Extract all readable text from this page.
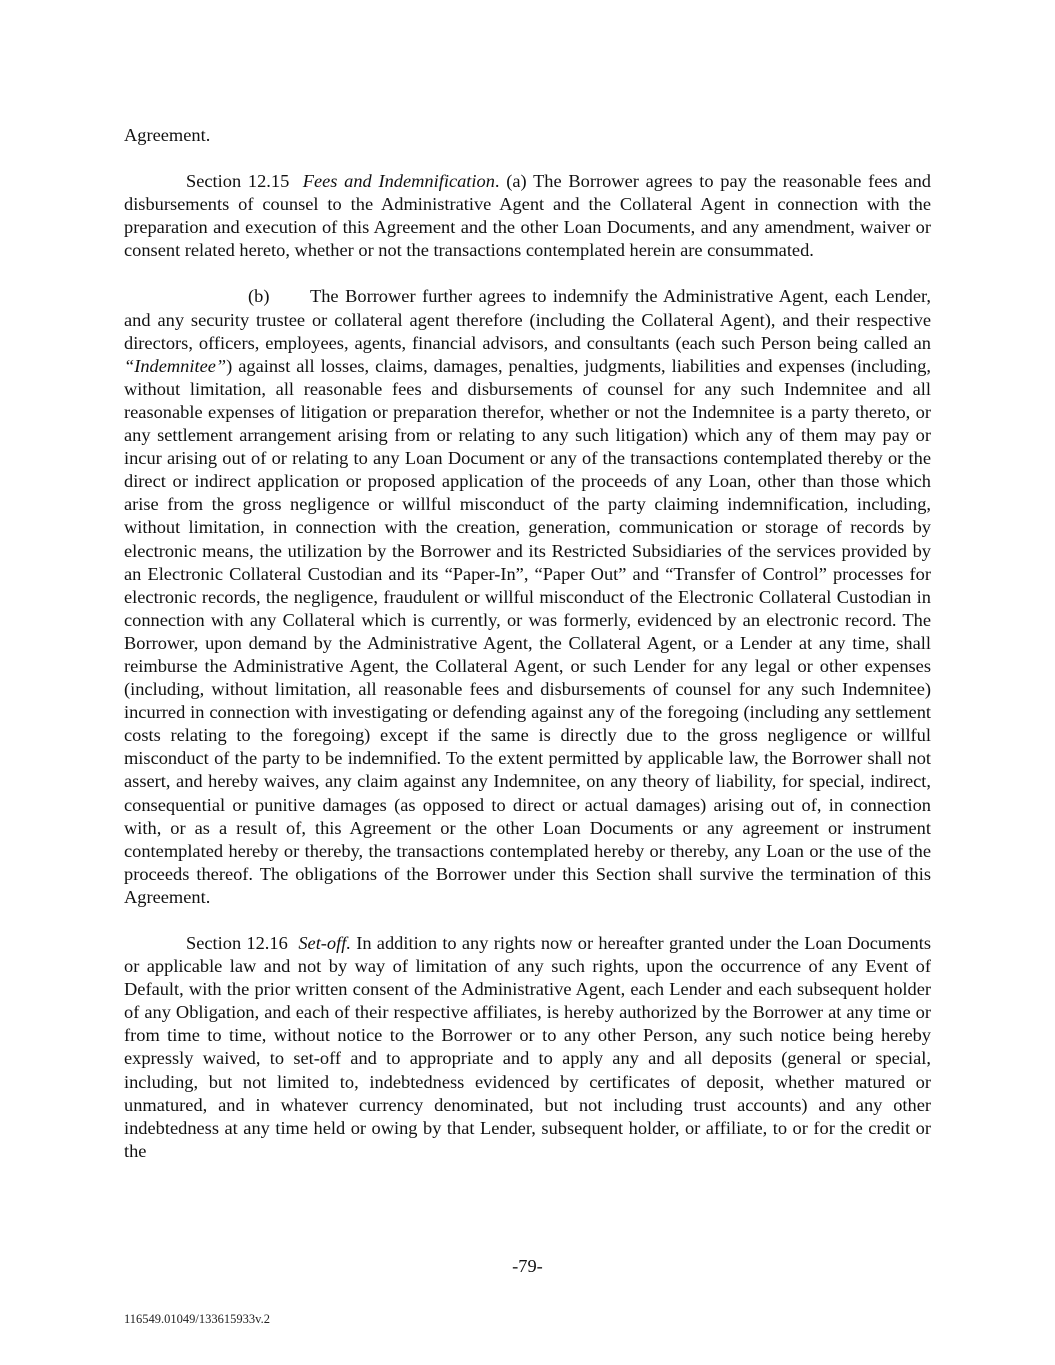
Agreement.

Section 12.15 Fees and Indemnification. (a) The Borrower agrees to pay the reasonable fees and disbursements of counsel to the Administrative Agent and the Collateral Agent in connection with the preparation and execution of this Agreement and the other Loan Documents, and any amendment, waiver or consent related hereto, whether or not the transactions contemplated herein are consummated.

(b) The Borrower further agrees to indemnify the Administrative Agent, each Lender, and any security trustee or collateral agent therefore (including the Collateral Agent), and their respective directors, officers, employees, agents, financial advisors, and consultants (each such Person being called an “Indemnitee”) against all losses, claims, damages, penalties, judgments, liabilities and expenses (including, without limitation, all reasonable fees and disbursements of counsel for any such Indemnitee and all reasonable expenses of litigation or preparation therefor, whether or not the Indemnitee is a party thereto, or any settlement arrangement arising from or relating to any such litigation) which any of them may pay or incur arising out of or relating to any Loan Document or any of the transactions contemplated thereby or the direct or indirect application or proposed application of the proceeds of any Loan, other than those which arise from the gross negligence or willful misconduct of the party claiming indemnification, including, without limitation, in connection with the creation, generation, communication or storage of records by electronic means, the utilization by the Borrower and its Restricted Subsidiaries of the services provided by an Electronic Collateral Custodian and its “Paper-In”, “Paper Out” and “Transfer of Control” processes for electronic records, the negligence, fraudulent or willful misconduct of the Electronic Collateral Custodian in connection with any Collateral which is currently, or was formerly, evidenced by an electronic record. The Borrower, upon demand by the Administrative Agent, the Collateral Agent, or a Lender at any time, shall reimburse the Administrative Agent, the Collateral Agent, or such Lender for any legal or other expenses (including, without limitation, all reasonable fees and disbursements of counsel for any such Indemnitee) incurred in connection with investigating or defending against any of the foregoing (including any settlement costs relating to the foregoing) except if the same is directly due to the gross negligence or willful misconduct of the party to be indemnified. To the extent permitted by applicable law, the Borrower shall not assert, and hereby waives, any claim against any Indemnitee, on any theory of liability, for special, indirect, consequential or punitive damages (as opposed to direct or actual damages) arising out of, in connection with, or as a result of, this Agreement or the other Loan Documents or any agreement or instrument contemplated hereby or thereby, the transactions contemplated hereby or thereby, any Loan or the use of the proceeds thereof. The obligations of the Borrower under this Section shall survive the termination of this Agreement.

Section 12.16 Set-off. In addition to any rights now or hereafter granted under the Loan Documents or applicable law and not by way of limitation of any such rights, upon the occurrence of any Event of Default, with the prior written consent of the Administrative Agent, each Lender and each subsequent holder of any Obligation, and each of their respective affiliates, is hereby authorized by the Borrower at any time or from time to time, without notice to the Borrower or to any other Person, any such notice being hereby expressly waived, to set-off and to appropriate and to apply any and all deposits (general or special, including, but not limited to, indebtedness evidenced by certificates of deposit, whether matured or unmatured, and in whatever currency denominated, but not including trust accounts) and any other indebtedness at any time held or owing by that Lender, subsequent holder, or affiliate, to or for the credit or the

-79-
116549.01049/133615933v.2
